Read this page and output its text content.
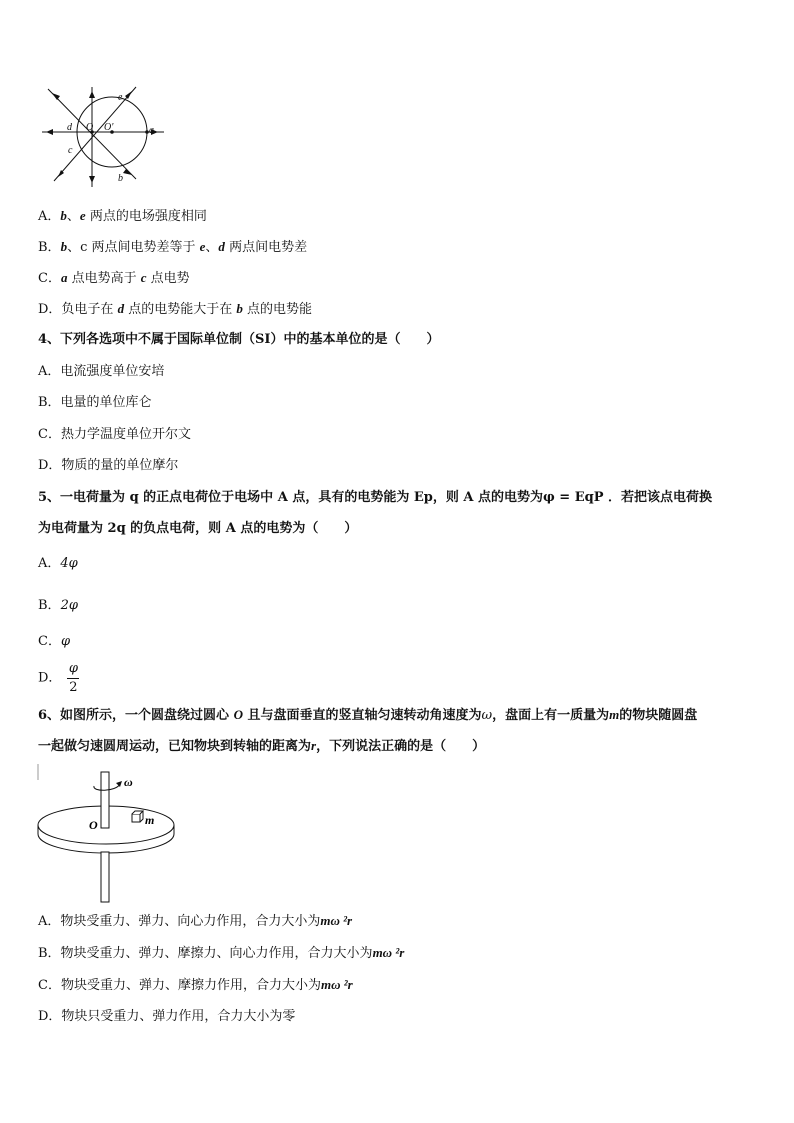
e
d O O'	a
c
b
A．b、e 两点的电场强度相同
B．b、c 两点间电势差等于 e、d 两点间电势差
C．a 点电势高于 c 点电势
D．负电子在 d 点的电势能大于在 b 点的电势能
4、下列各选项中不属于国际单位制（SI）中的基本单位的是（　　）
A．电流强度单位安培
B．电量的单位库仑
C．热力学温度单位开尔文
D．物质的量的单位摩尔
5、一电荷量为 q 的正点电荷位于电场中 A 点，具有的电势能为 Ep，则 A 点的电势为φ = EqP ．若把该点电荷换
为电荷量为 2q 的负点电荷，则 A 点的电势为（　　）
A．4φ
B．2φ
C．φ
D． $\frac{\varphi}{2}$
6、如图所示，一个圆盘绕过圆心 O 且与盘面垂直的竖直轴匀速转动角速度为ω，盘面上有一质量为m的物块随圆盘
一起做匀速圆周运动，已知物块到转轴的距离为r，下列说法正确的是（　　）
ω
O	m
A．物块受重力、弹力、向心力作用，合力大小为mω ²r
B．物块受重力、弹力、摩擦力、向心力作用，合力大小为mω ²r
C．物块受重力、弹力、摩擦力作用，合力大小为mω ²r
D．物块只受重力、弹力作用，合力大小为零
